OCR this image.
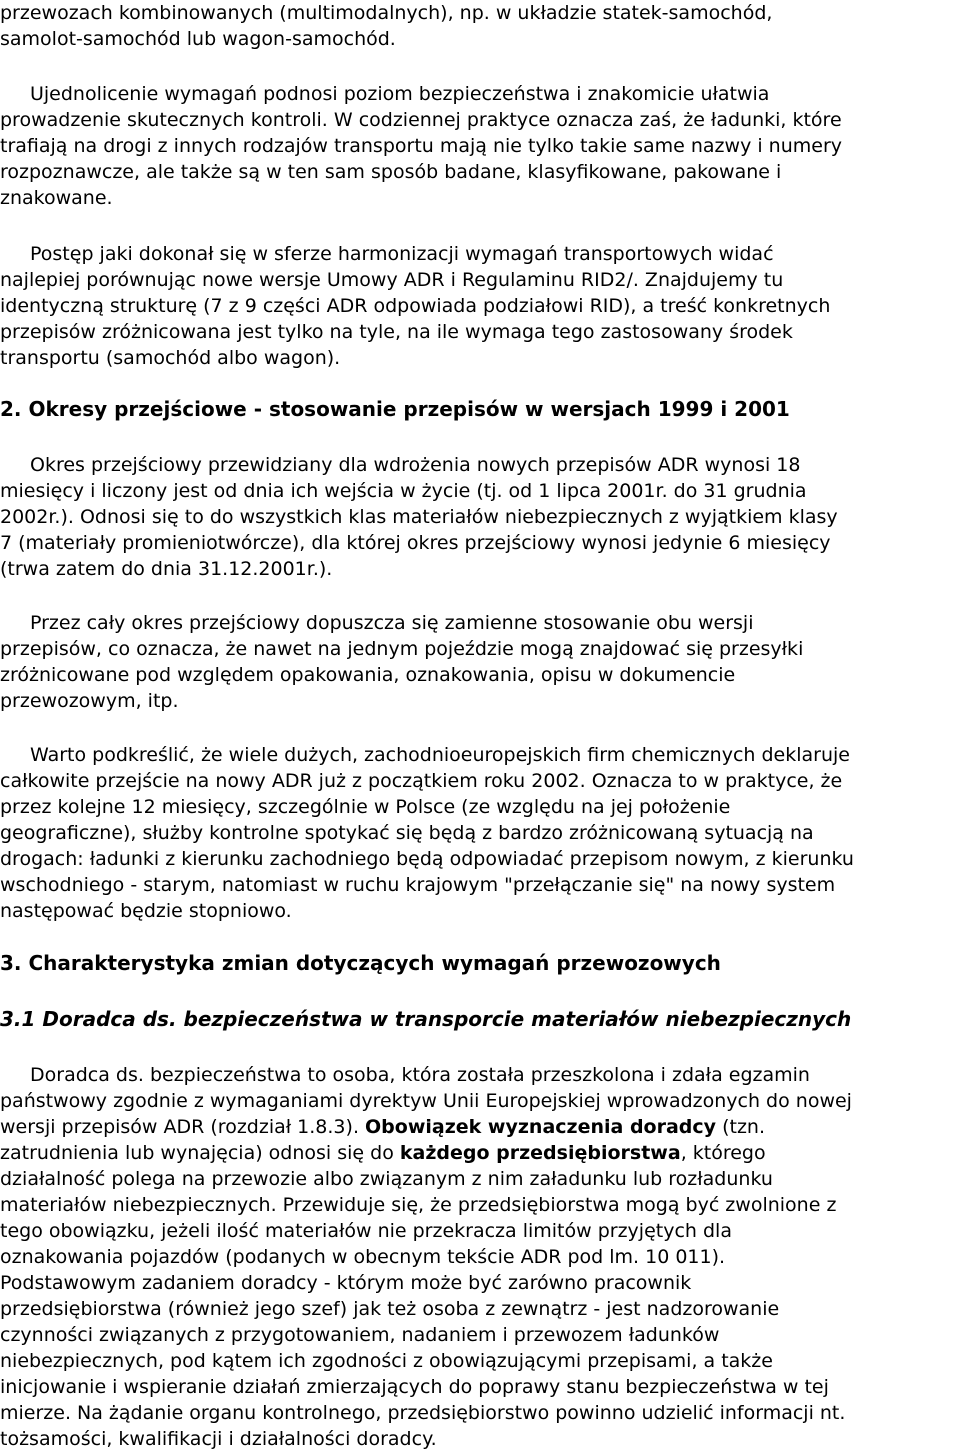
przewozach kombinowanych (multimodalnych), np. w układzie statek-samochód,
samolot-samochód lub wagon-samochód.
Ujednolicenie wymagań podnosi poziom bezpieczeństwa i znakomicie ułatwia
prowadzenie skutecznych kontroli. W codziennej praktyce oznacza zaś, że ładunki, które
trafiają na drogi z innych rodzajów transportu mają nie tylko takie same nazwy i numery
rozpoznawcze, ale także są w ten sam sposób badane, klasyfikowane, pakowane i
znakowane.
Postęp jaki dokonał się w sferze harmonizacji wymagań transportowych widać
najlepiej porównując nowe wersje Umowy ADR i Regulaminu RID2/. Znajdujemy tu
identyczną strukturę (7 z 9 części ADR odpowiada podziałowi RID), a treść konkretnych
przepisów zróżnicowana jest tylko na tyle, na ile wymaga tego zastosowany środek
transportu (samochód albo wagon).
2. Okresy przejściowe - stosowanie przepisów w wersjach 1999 i 2001
Okres przejściowy przewidziany dla wdrożenia nowych przepisów ADR wynosi 18
miesięcy i liczony jest od dnia ich wejścia w życie (tj. od 1 lipca 2001r. do 31 grudnia
2002r.). Odnosi się to do wszystkich klas materiałów niebezpiecznych z wyjątkiem klasy
7 (materiały promieniotwórcze), dla której okres przejściowy wynosi jedynie 6 miesięcy
(trwa zatem do dnia 31.12.2001r.).
Przez cały okres przejściowy dopuszcza się zamienne stosowanie obu wersji
przepisów, co oznacza, że nawet na jednym pojeździe mogą znajdować się przesyłki
zróżnicowane pod względem opakowania, oznakowania, opisu w dokumencie
przewozowym, itp.
Warto podkreślić, że wiele dużych, zachodnioeuropejskich firm chemicznych deklaruje
całkowite przejście na nowy ADR już z początkiem roku 2002. Oznacza to w praktyce, że
przez kolejne 12 miesięcy, szczególnie w Polsce (ze względu na jej położenie
geograficzne), służby kontrolne spotykać się będą z bardzo zróżnicowaną sytuacją na
drogach: ładunki z kierunku zachodniego będą odpowiadać przepisom nowym, z kierunku
wschodniego - starym, natomiast w ruchu krajowym "przełączanie się" na nowy system
następować będzie stopniowo.
3. Charakterystyka zmian dotyczących wymagań przewozowych
3.1 Doradca ds. bezpieczeństwa w transporcie materiałów niebezpiecznych
Doradca ds. bezpieczeństwa to osoba, która została przeszkolona i zdała egzamin
państwowy zgodnie z wymaganiami dyrektyw Unii Europejskiej wprowadzonych do nowej
wersji przepisów ADR (rozdział 1.8.3). Obowiązek wyznaczenia doradcy (tzn.
zatrudnienia lub wynajęcia) odnosi się do każdego przedsiębiorstwa, którego
działalność polega na przewozie albo związanym z nim załadunku lub rozładunku
materiałów niebezpiecznych. Przewiduje się, że przedsiębiorstwa mogą być zwolnione z
tego obowiązku, jeżeli ilość materiałów nie przekracza limitów przyjętych dla
oznakowania pojazdów (podanych w obecnym tekście ADR pod lm. 10 011).
Podstawowym zadaniem doradcy - którym może być zarówno pracownik
przedsiębiorstwa (również jego szef) jak też osoba z zewnątrz - jest nadzorowanie
czynności związanych z przygotowaniem, nadaniem i przewozem ładunków
niebezpiecznych, pod kątem ich zgodności z obowiązującymi przepisami, a także
inicjowanie i wspieranie działań zmierzających do poprawy stanu bezpieczeństwa w tej
mierze. Na żądanie organu kontrolnego, przedsiębiorstwo powinno udzielić informacji nt.
tożsamości, kwalifikacji i działalności doradcy.
